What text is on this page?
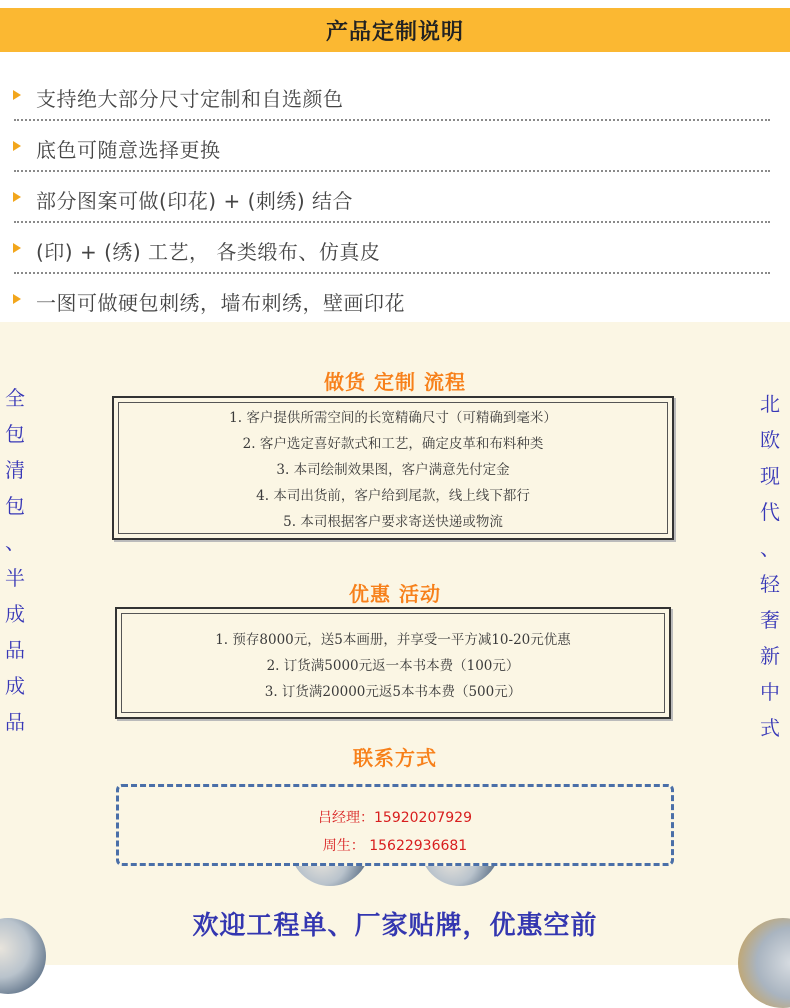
产品定制说明
支持绝大部分尺寸定制和自选颜色
底色可随意选择更换
部分图案可做(印花) + (刺绣) 结合
(印) + (绣) 工艺， 各类缎布、仿真皮
一图可做硬包刺绣，墙布刺绣，壁画印花
全
包
清
包
、
半
成
品
成
品
北
欧
现
代
、
轻
奢
新
中
式
做货 定制 流程
1. 客户提供所需空间的长宽精确尺寸（可精确到毫米）
2. 客户选定喜好款式和工艺，确定皮革和布料种类
3. 本司绘制效果图，客户满意先付定金
4. 本司出货前，客户给到尾款，线上线下都行
5. 本司根据客户要求寄送快递或物流
优惠 活动
1. 预存8000元，送5本画册，并享受一平方减10-20元优惠
2. 订货满5000元返一本书本费（100元）
3. 订货满20000元返5本书本费（500元）
联系方式
吕经理：15920207929
周生： 15622936681
欢迎工程单、厂家贴牌，优惠空前
